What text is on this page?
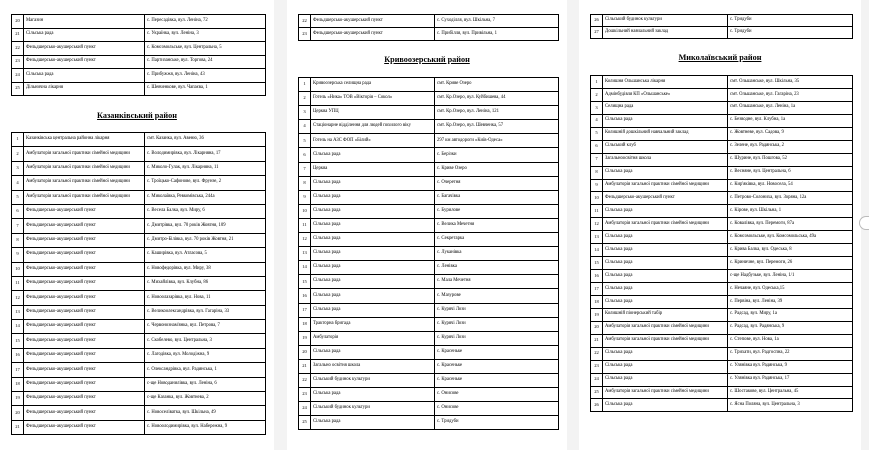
20	Магазин	с. Пересадівка, вул. Леніна, 72
21	Сільська рада	с. Українка, вул. Леніна, 3
22	Фельдшерсько-акушерський пункт	с. Комсомольське, вул. Центральна, 5
23	Фельдшерсько-акушерський пункт	с. Партизанське, вул. Торгова, 24
24	Сільська рада	с. Прибужжя, вул. Леніна, 43
25	Дільнична лікарня	с. Шевченкове, вул. Чапаєва, 1
Казанківський район
1	Казанківська центральна районна лікарня	смт. Казанка, вул. Авеню, 36
2	Амбулаторія загальної практики сімейної медицини	с. Володимирівка, вул. Лікарняна, 17
3	Амбулаторія загальної практики сімейної медицини	с. Миколо-Гулак, вул. Лікарняна, 11
4	Амбулаторія загальної практики сімейної медицини	с. Троїцько-Сафонове, вул. Фрунзе, 2
5	Амбулаторія загальної практики сімейної медицини	с. Миколаївка, Ревкомівська, 244а
6	Фельдшерсько-акушерський пункт	с. Весела Балка, вул. Миру, 6
7	Фельдшерсько-акушерський пункт	с. Дмитрівка, вул. 70 років Жовтня, 109
8	Фельдшерсько-акушерський пункт	с. Дмитро-Білівка, вул. 70 років Жовтня, 21
9	Фельдшерсько-акушерський пункт	с. Каширівка, вул. Атласова, 5
10	Фельдшерсько-акушерський пункт	с. Новофедорівка, вул. Миру, 38
11	Фельдшерсько-акушерський пункт	с. Михайлівка, вул. Клубна, 86
12	Фельдшерсько-акушерський пункт	с. Новоолазарівка, вул. Нова, 11
13	Фельдшерсько-акушерський пункт	с. Великоолександрівка, вул. Гагаріна, 33
14	Фельдшерсько-акушерський пункт	с. Червонознам'янка, вул. Петрова, 7
15	Фельдшерсько-акушерський пункт	с. Скобелево, вул. Центральна, 3
16	Фельдшерсько-акушерський пункт	с. Лагодівка, вул. Молодіжна, 9
17	Фельдшерсько-акушерський пункт	с. Олександрівка, вул. Радянська, 1
18	Фельдшерсько-акушерський пункт	с-ще Новоданилівка, вул. Леніна, 6
19	Фельдшерсько-акушерський пункт	с-ще Казанка, вул. Жовтнева, 2
20	Фельдшерсько-акушерський пункт	с. Новоселіватка, вул. Шкільна, 49
21	Фельдшерсько-акушерський пункт	с. Новоолодимирівка, вул. Набережна, 9
22	Фельдшерсько-акушерський пункт	с. Суходілля, вул. Шкільна, 7
23	Фельдшерсько-акушерський пункт	с. Прибілля, вул. Привільна, 1
Кривоозерський район
1	Кривоозерська селищна рада	смт. Криве Озеро
2	Готель «Ника» ТОВ «Вікторія – Сокол»	смт. Кр.Озеро, вул. Куйбишева, 44
3	Церква УПЦ	смт. Кр.Озеро, вул. Леніна, 121
4	Стаціонарне відділення для людей похилого віку	смт. Кр.Озеро, вул. Шевченка, 57
5	Готель на АЗС ФОП «Білий»	297 км автодороги «Київ-Одеса»
6	Сільська рада	с. Берізки
7	Церква	с. Криве Озеро
8	Сільська рада	с. Очеретня
9	Сільська рада	с. Багачівка
10	Сільська рада	с. Бурилове
11	Сільська рада	с. Велика Мечетня
12	Сільська рада	с. Секретарка
13	Сільська рада	с. Луканівка
14	Сільська рада	с. Ленівка
15	Сільська рада	с. Мала Мечетня
16	Сільська рада	с. Мазурове
17	Сільська рада	с. Курячі Лози
18	Тракторна бригада	с. Курячі Лози
19	Амбулаторія	с. Курячі Лози
20	Сільська рада	с. Красеньке
21	Загально освітня школа	с. Красеньке
22	Сільський будинок культури	с. Красеньке
23	Сільська рада	с. Онисове
24	Сільський будинок культури	с. Онисове
25	Сільська рада	с. Тридуби
26	Сільський будинок культури	с. Тридуби
27	Дошкільний навчальний заклад	с. Тридуби
Миколаївський район
1	Колишня Ольшанська лікарня	смт. Ольшанське, вул. Шкільна, 35
2	Адмінбудівля КП «Ольшанське»	смт. Ольшанське, вул. Гагаріна, 23
3	Селищна рада	смт. Ольшанське, вул. Леніна, 1а
4	Сільська рада	с. Безводне, вул. Клубна, 1а
5	Колишній дошкільний навчальний заклад	с. Жовтневе, вул. Садова, 9
6	Сільський клуб	с. Зелене, вул. Радянська, 2
7	Загальноосвітня школа	с. Шурине, вул. Пошгова, 52
8	Сільська рада	с. Весняне, вул. Центральна, 6
9	Амбулаторія загальної практики сімейної медицини	с. Кир'яківка, вул. Новосела, 54
10	Фельдшерсько-акушерський пункт	с. Петрово-Солониха, вул. Зоряна, 12а
11	Сільська рада	с. Кірове, вул. Шкільна, 1
12	Амбулаторія загальної практики сімейної медицини	с. Ковалівка, вул. Перемоги, 87а
13	Сільська рада	с. Комсомольське, вул. Комсомольська, 49а
14	Сільська рада	с. Крива Балка, вул. Одеська, 8
15	Сільська рада	с. Криничне, вул. Перемоги, 26
16	Сільська рада	с-ще Надбузьке, вул. Леніна, 1/1
17	Сільська рада	с. Нечаяне, вул. Одеська,15
18	Сільська рада	с. Первіна, вул. Леніна, 39
19	Колишній піонерський табір	с. Радсад, вул. Миру, 1а
20	Амбулаторія загальної практики сімейної медицини	с. Радсад, вул. Радянська, 9
21	Амбулаторія загальної практики сімейної медицини	с. Степове, вул. Нова, 1а
22	Сільська рада	с. Трихати, вул. Радгоспна, 22
23	Сільська рада	с. Улянівка вул. Радянська, 9
24	Сільська рада	с. Улянівка вул. Радянська, 17
25	Амбулаторія загальної практики сімейної медицини	с. Шостакове, вул. Центральна, 45
26	Сільська рада	с. Ясна Поляна, вул. Центральна, 3
